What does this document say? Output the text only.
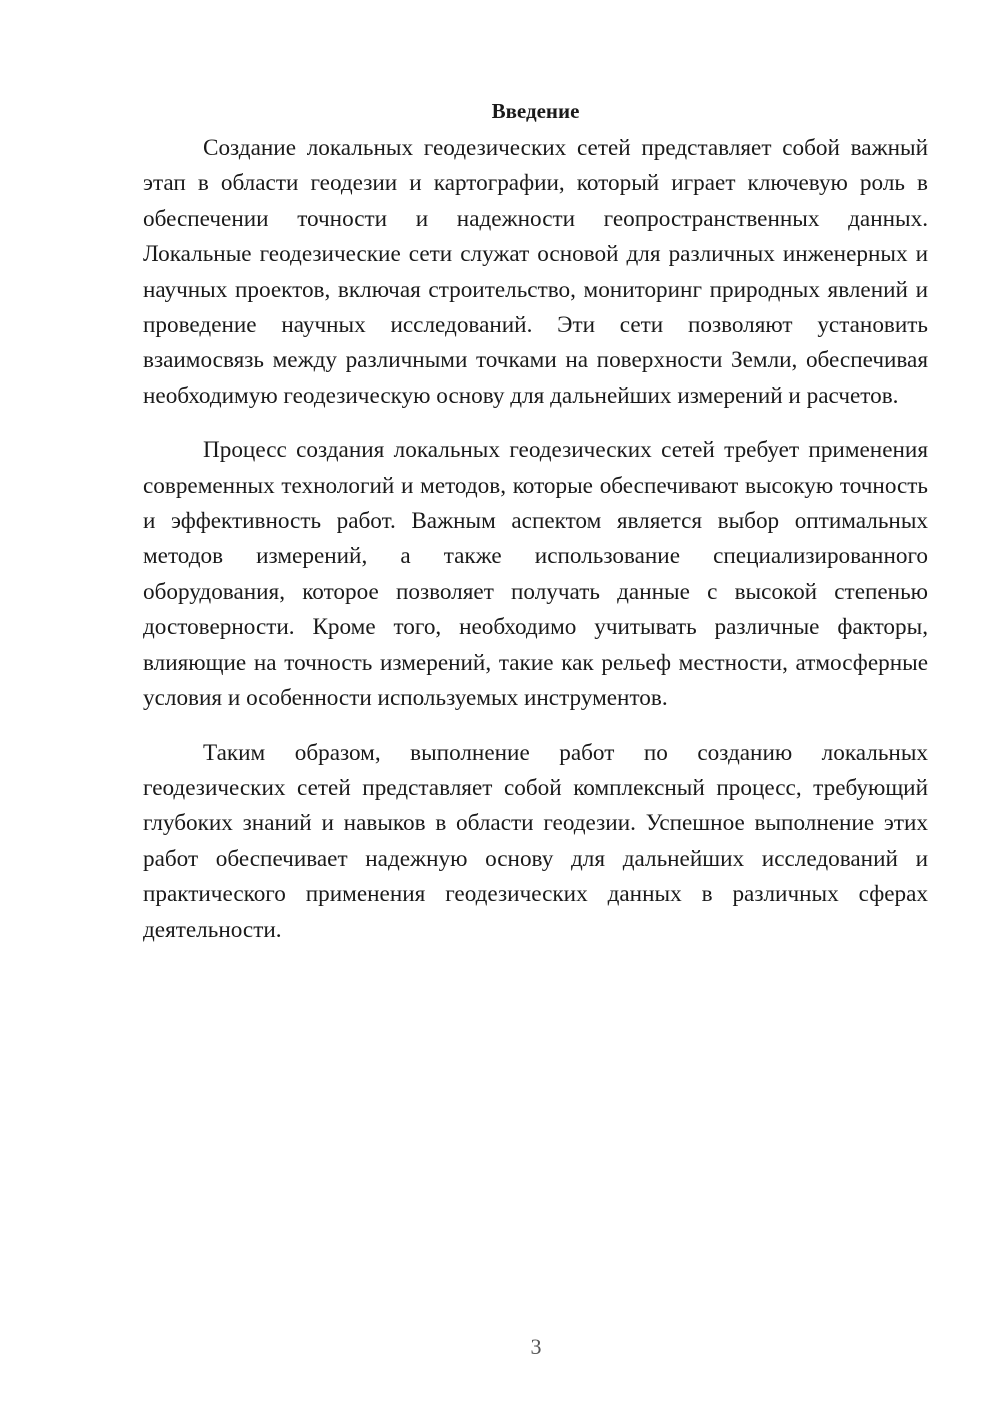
Введение

Создание локальных геодезических сетей представляет собой важный этап в области геодезии и картографии, который играет ключевую роль в обеспечении точности и надежности геопространственных данных. Локальные геодезические сети служат основой для различных инженерных и научных проектов, включая строительство, мониторинг природных явлений и проведение научных исследований. Эти сети позволяют установить взаимосвязь между различными точками на поверхности Земли, обеспечивая необходимую геодезическую основу для дальнейших измерений и расчетов.

Процесс создания локальных геодезических сетей требует применения современных технологий и методов, которые обеспечивают высокую точность и эффективность работ. Важным аспектом является выбор оптимальных методов измерений, а также использование специализированного оборудования, которое позволяет получать данные с высокой степенью достоверности. Кроме того, необходимо учитывать различные факторы, влияющие на точность измерений, такие как рельеф местности, атмосферные условия и особенности используемых инструментов.

Таким образом, выполнение работ по созданию локальных геодезических сетей представляет собой комплексный процесс, требующий глубоких знаний и навыков в области геодезии. Успешное выполнение этих работ обеспечивает надежную основу для дальнейших исследований и практического применения геодезических данных в различных сферах деятельности.

3
